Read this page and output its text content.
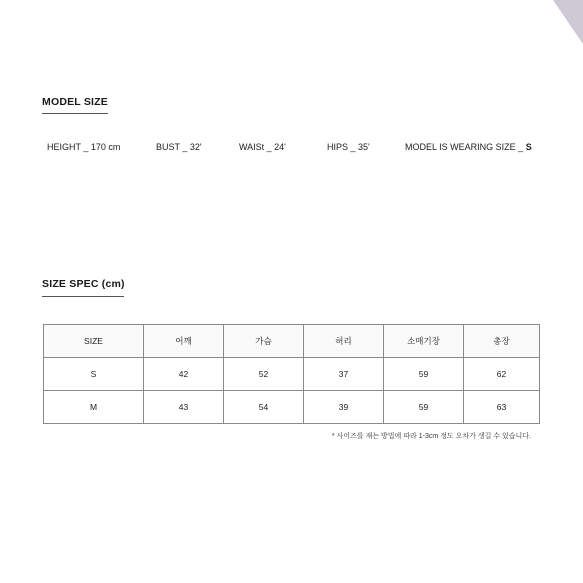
MODEL SIZE
HEIGHT _ 170 cm	BUST _ 32'	WAISt _ 24'	HIPS _ 35'	MODEL IS WEARING SIZE _ S
SIZE SPEC (cm)
SIZE	어깨	가슴	허리	소매기장	총장
S	42	52	37	59	62
M	43	54	39	59	63
* 사이즈를 재는 방법에 따라 1-3cm 정도 오차가 생길 수 있습니다.
